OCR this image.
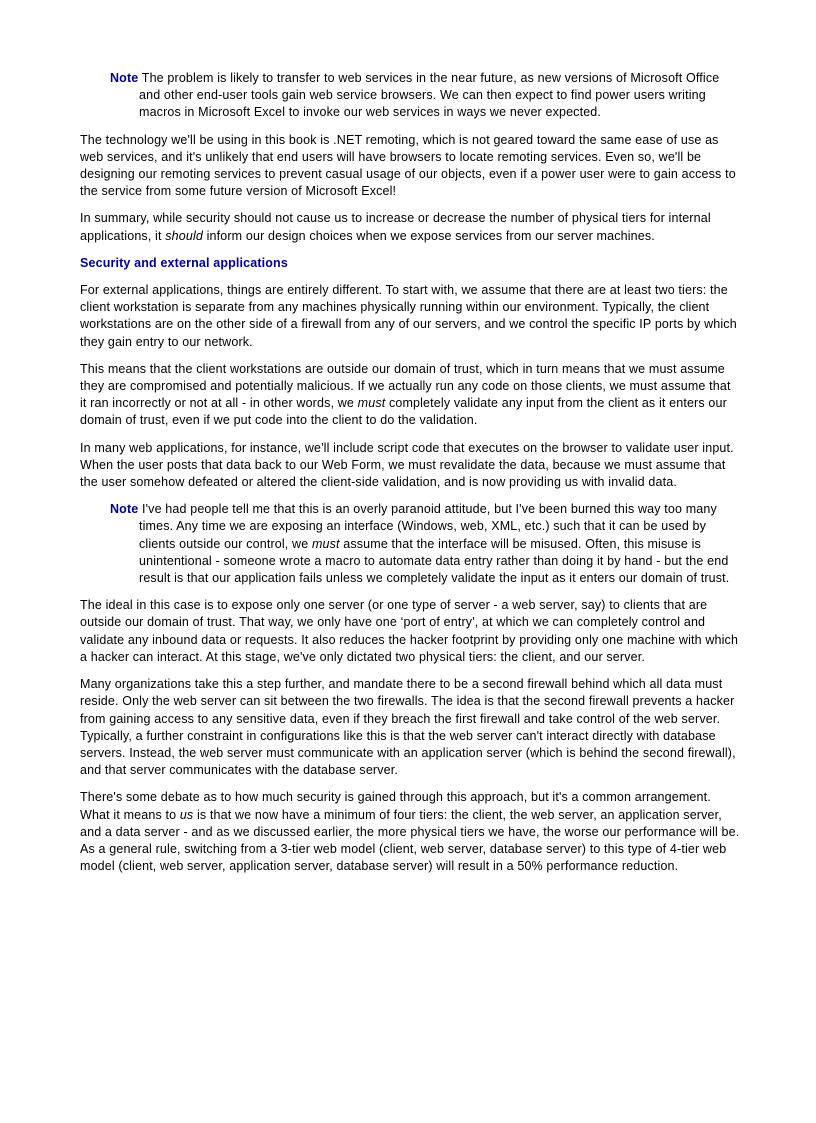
Note The problem is likely to transfer to web services in the near future, as new versions of Microsoft Office and other end-user tools gain web service browsers. We can then expect to find power users writing macros in Microsoft Excel to invoke our web services in ways we never expected.

The technology we'll be using in this book is .NET remoting, which is not geared toward the same ease of use as web services, and it's unlikely that end users will have browsers to locate remoting services. Even so, we'll be designing our remoting services to prevent casual usage of our objects, even if a power user were to gain access to the service from some future version of Microsoft Excel!

In summary, while security should not cause us to increase or decrease the number of physical tiers for internal applications, it should inform our design choices when we expose services from our server machines.

Security and external applications

For external applications, things are entirely different. To start with, we assume that there are at least two tiers: the client workstation is separate from any machines physically running within our environment. Typically, the client workstations are on the other side of a firewall from any of our servers, and we control the specific IP ports by which they gain entry to our network.

This means that the client workstations are outside our domain of trust, which in turn means that we must assume they are compromised and potentially malicious. If we actually run any code on those clients, we must assume that it ran incorrectly or not at all - in other words, we must completely validate any input from the client as it enters our domain of trust, even if we put code into the client to do the validation.

In many web applications, for instance, we'll include script code that executes on the browser to validate user input. When the user posts that data back to our Web Form, we must revalidate the data, because we must assume that the user somehow defeated or altered the client-side validation, and is now providing us with invalid data.

Note I've had people tell me that this is an overly paranoid attitude, but I've been burned this way too many times. Any time we are exposing an interface (Windows, web, XML, etc.) such that it can be used by clients outside our control, we must assume that the interface will be misused. Often, this misuse is unintentional - someone wrote a macro to automate data entry rather than doing it by hand - but the end result is that our application fails unless we completely validate the input as it enters our domain of trust.

The ideal in this case is to expose only one server (or one type of server - a web server, say) to clients that are outside our domain of trust. That way, we only have one ‘port of entry', at which we can completely control and validate any inbound data or requests. It also reduces the hacker footprint by providing only one machine with which a hacker can interact. At this stage, we've only dictated two physical tiers: the client, and our server.

Many organizations take this a step further, and mandate there to be a second firewall behind which all data must reside. Only the web server can sit between the two firewalls. The idea is that the second firewall prevents a hacker from gaining access to any sensitive data, even if they breach the first firewall and take control of the web server. Typically, a further constraint in configurations like this is that the web server can't interact directly with database servers. Instead, the web server must communicate with an application server (which is behind the second firewall), and that server communicates with the database server.

There's some debate as to how much security is gained through this approach, but it's a common arrangement. What it means to us is that we now have a minimum of four tiers: the client, the web server, an application server, and a data server - and as we discussed earlier, the more physical tiers we have, the worse our performance will be. As a general rule, switching from a 3-tier web model (client, web server, database server) to this type of 4-tier web model (client, web server, application server, database server) will result in a 50% performance reduction.
